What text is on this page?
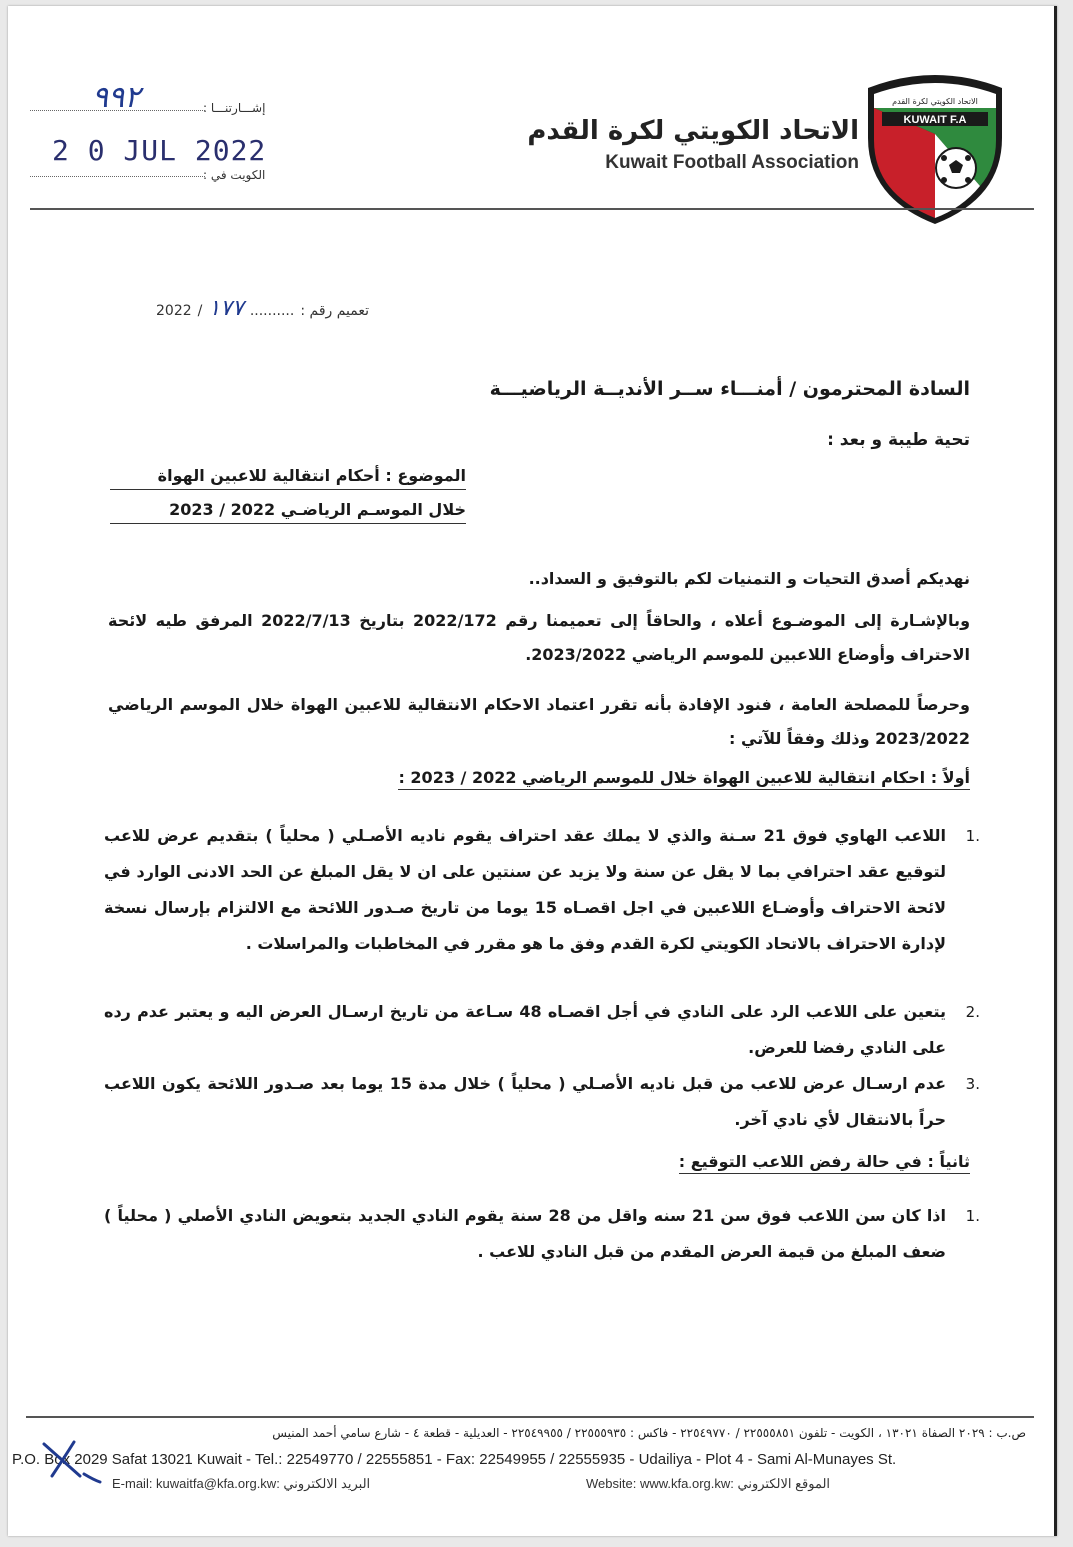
KUWAIT F.A
الاتحاد الكويتي لكرة القدم
الاتحاد الكويتي لكرة القدم
Kuwait Football Association
إشـــارتنـــا :
٩٩٢
الكويت في :
2 0 JUL 2022
2022 / ١٧٧ .......... تعميم رقم :
السادة المحترمون / أمنـــاء ســر الأنديــة الرياضيـــة
تحية طيبة و بعد :
الموضوع : أحكام انتقالية للاعبين الهواة
خلال الموسـم الرياضـي 2022 / 2023
نهديكم أصدق التحيات و التمنيات لكم بالتوفيق و السداد..
وبالإشـارة إلى الموضـوع أعلاه ، والحاقاً إلى تعميمنا رقم 2022/172 بتاريخ 2022/7/13 المرفق طيه لائحة الاحتراف وأوضاع اللاعبين للموسم الرياضي 2023/2022.
وحرصاً للمصلحة العامة ، فنود الإفادة بأنه تقرر اعتماد الاحكام الانتقالية للاعبين الهواة خلال الموسم الرياضي 2023/2022 وذلك وفقاً للآتي :
أولاً : احكام انتقالية للاعبين الهواة خلال للموسم الرياضي 2022 / 2023 :
.1
اللاعب الهاوي فوق 21 سـنة والذي لا يملك عقد احتراف يقوم ناديه الأصـلي ( محلياً ) بتقديم عرض للاعب لتوقيع عقد احترافي بما لا يقل عن سنة ولا يزيد عن سنتين على ان لا يقل المبلغ عن الحد الادنى الوارد في لائحة الاحتراف وأوضـاع اللاعبين في اجل اقصـاه 15 يوما من تاريخ صـدور اللائحة مع الالتزام بإرسال نسخة لإدارة الاحتراف بالاتحاد الكويتي لكرة القدم وفق ما هو مقرر في المخاطبات والمراسلات .
.2
يتعين على اللاعب الرد على النادي في أجل اقصـاه 48 سـاعة من تاريخ ارسـال العرض اليه و يعتبر عدم رده على النادي رفضا للعرض.
.3
عدم ارسـال عرض للاعب من قبل ناديه الأصـلي ( محلياً ) خلال مدة 15 يوما بعد صـدور اللائحة يكون اللاعب حراً بالانتقال لأي نادي آخر.
ثانياً : في حالة رفض اللاعب التوقيع :
.1
اذا كان سن اللاعب فوق سن 21 سنه واقل من 28 سنة يقوم النادي الجديد بتعويض النادي الأصلي ( محلياً ) ضعف المبلغ من قيمة العرض المقدم من قبل النادي للاعب .
ص.ب : ٢٠٢٩ الصفاة ١٣٠٢١ ، الكويت - تلفون ٢٢٥٥٥٨٥١ / ٢٢٥٤٩٧٧٠ - فاكس : ٢٢٥٥٥٩٣٥ / ٢٢٥٤٩٩٥٥ - العديلية - قطعة ٤ - شارع سامي أحمد المنيس
P.O. Box 2029 Safat 13021 Kuwait - Tel.: 22549770 / 22555851 - Fax: 22549955 / 22555935 - Udailiya - Plot 4 - Sami Al-Munayes St.
E-mail: kuwaitfa@kfa.org.kw: البريد الالكتروني	Website: www.kfa.org.kw: الموقع الالكتروني
